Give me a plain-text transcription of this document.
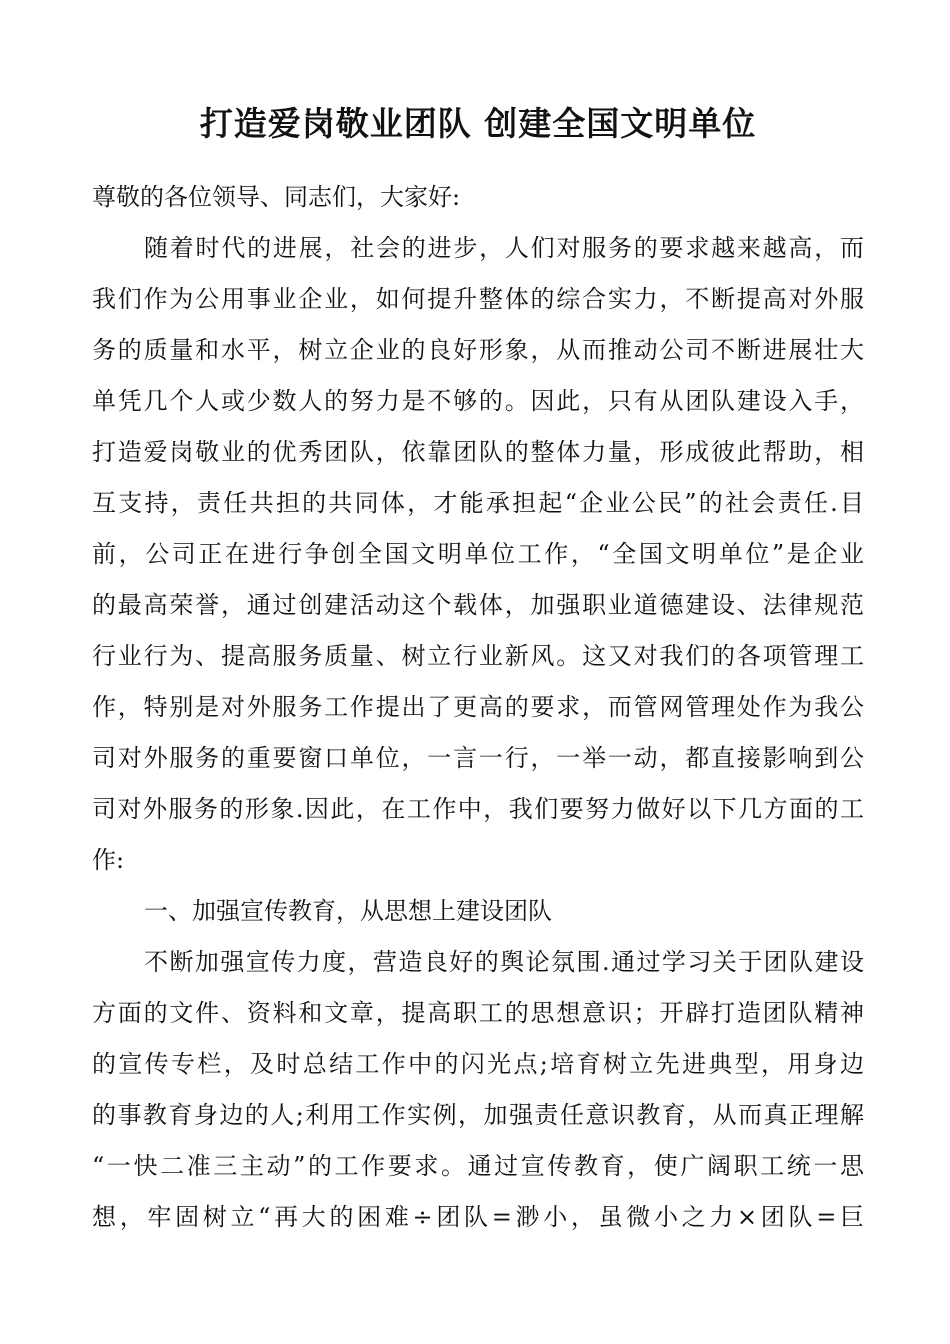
打造爱岗敬业团队 创建全国文明单位
尊敬的各位领导、同志们，大家好:
随着时代的进展，社会的进步，人们对服务的要求越来越高，而
我们作为公用事业企业，如何提升整体的综合实力，不断提高对外服
务的质量和水平，树立企业的良好形象，从而推动公司不断进展壮大
单凭几个人或少数人的努力是不够的。因此，只有从团队建设入手，
打造爱岗敬业的优秀团队，依靠团队的整体力量，形成彼此帮助，相
互支持，责任共担的共同体，才能承担起“企业公民”的社会责任.目
前，公司正在进行争创全国文明单位工作，“全国文明单位”是企业
的最高荣誉，通过创建活动这个载体，加强职业道德建设、法律规范
行业行为、提高服务质量、树立行业新风。这又对我们的各项管理工
作，特别是对外服务工作提出了更高的要求，而管网管理处作为我公
司对外服务的重要窗口单位，一言一行，一举一动，都直接影响到公
司对外服务的形象.因此，在工作中，我们要努力做好以下几方面的工
作:
一、加强宣传教育，从思想上建设团队
不断加强宣传力度，营造良好的舆论氛围.通过学习关于团队建设
方面的文件、资料和文章，提高职工的思想意识；开辟打造团队精神
的宣传专栏，及时总结工作中的闪光点;培育树立先进典型，用身边
的事教育身边的人;利用工作实例，加强责任意识教育，从而真正理解
“一快二准三主动”的工作要求。通过宣传教育，使广阔职工统一思
想，牢固树立“再大的困难÷团队=渺小，虽微小之力×团队=巨
